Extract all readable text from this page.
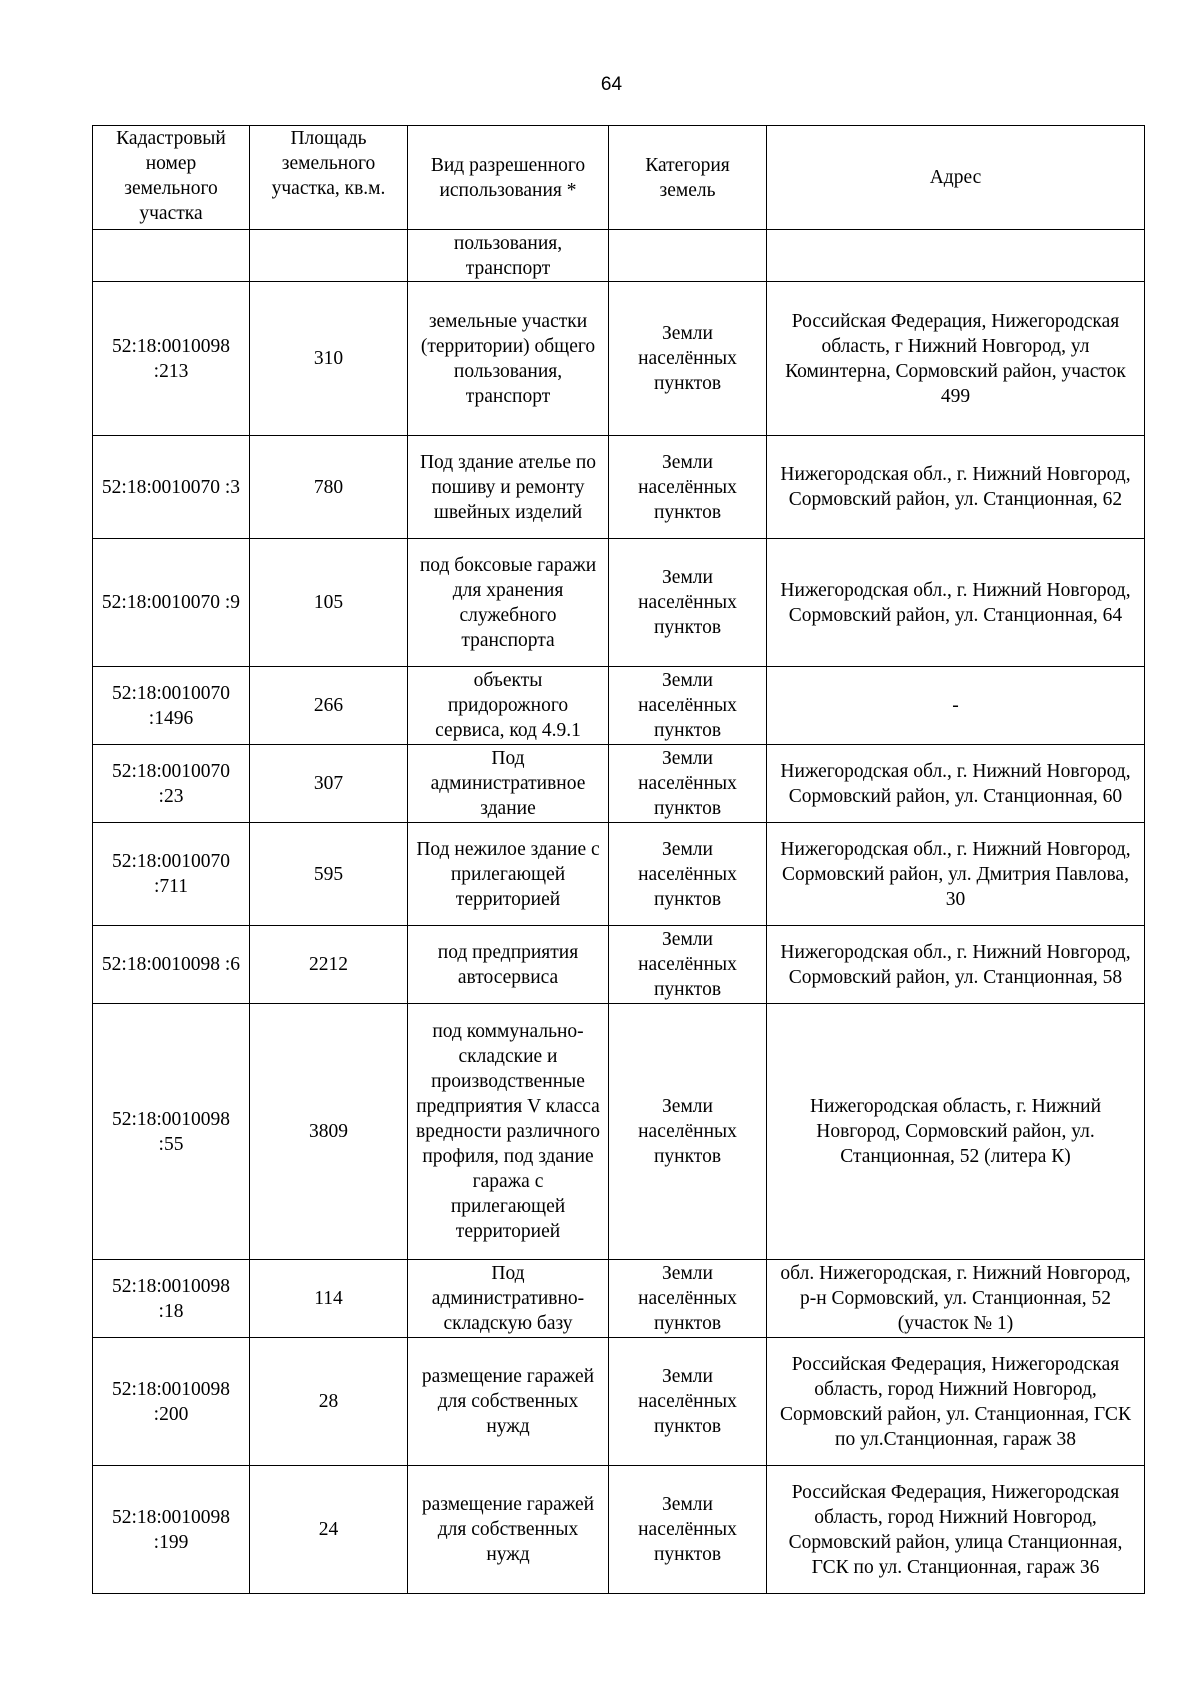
64
Кадастровый номер земельного участка	Площадь земельного участка, кв.м.	Вид разрешенного использования *	Категория земель	Адрес
		пользования, транспорт		
52:18:0010098 :213	310	земельные участки (территории) общего пользования, транспорт	Земли населённых пунктов	Российская Федерация, Нижегородская область, г Нижний Новгород, ул Коминтерна, Сормовский район, участок 499
52:18:0010070 :3	780	Под здание ателье по пошиву и ремонту швейных изделий	Земли населённых пунктов	Нижегородская обл., г. Нижний Новгород, Сормовский район, ул. Станционная, 62
52:18:0010070 :9	105	под боксовые гаражи для хранения служебного транспорта	Земли населённых пунктов	Нижегородская обл., г. Нижний Новгород, Сормовский район, ул. Станционная, 64
52:18:0010070 :1496	266	объекты придорожного сервиса, код 4.9.1	Земли населённых пунктов	-
52:18:0010070 :23	307	Под административное здание	Земли населённых пунктов	Нижегородская обл., г. Нижний Новгород, Сормовский район, ул. Станционная, 60
52:18:0010070 :711	595	Под нежилое здание с прилегающей территорией	Земли населённых пунктов	Нижегородская обл., г. Нижний Новгород, Сормовский район, ул. Дмитрия Павлова, 30
52:18:0010098 :6	2212	под предприятия автосервиса	Земли населённых пунктов	Нижегородская обл., г. Нижний Новгород, Сормовский район, ул. Станционная, 58
52:18:0010098 :55	3809	под коммунально-складские и производственные предприятия V класса вредности различного профиля, под здание гаража с прилегающей территорией	Земли населённых пунктов	Нижегородская область, г. Нижний Новгород, Сормовский район, ул. Станционная, 52 (литера К)
52:18:0010098 :18	114	Под административно-складскую базу	Земли населённых пунктов	обл. Нижегородская, г. Нижний Новгород, р-н Сормовский, ул. Станционная, 52 (участок № 1)
52:18:0010098 :200	28	размещение гаражей для собственных нужд	Земли населённых пунктов	Российская Федерация, Нижегородская область, город Нижний Новгород, Сормовский район, ул. Станционная, ГСК по ул.Станционная, гараж 38
52:18:0010098 :199	24	размещение гаражей для собственных нужд	Земли населённых пунктов	Российская Федерация, Нижегородская область, город Нижний Новгород, Сормовский район, улица Станционная, ГСК по ул. Станционная, гараж 36
